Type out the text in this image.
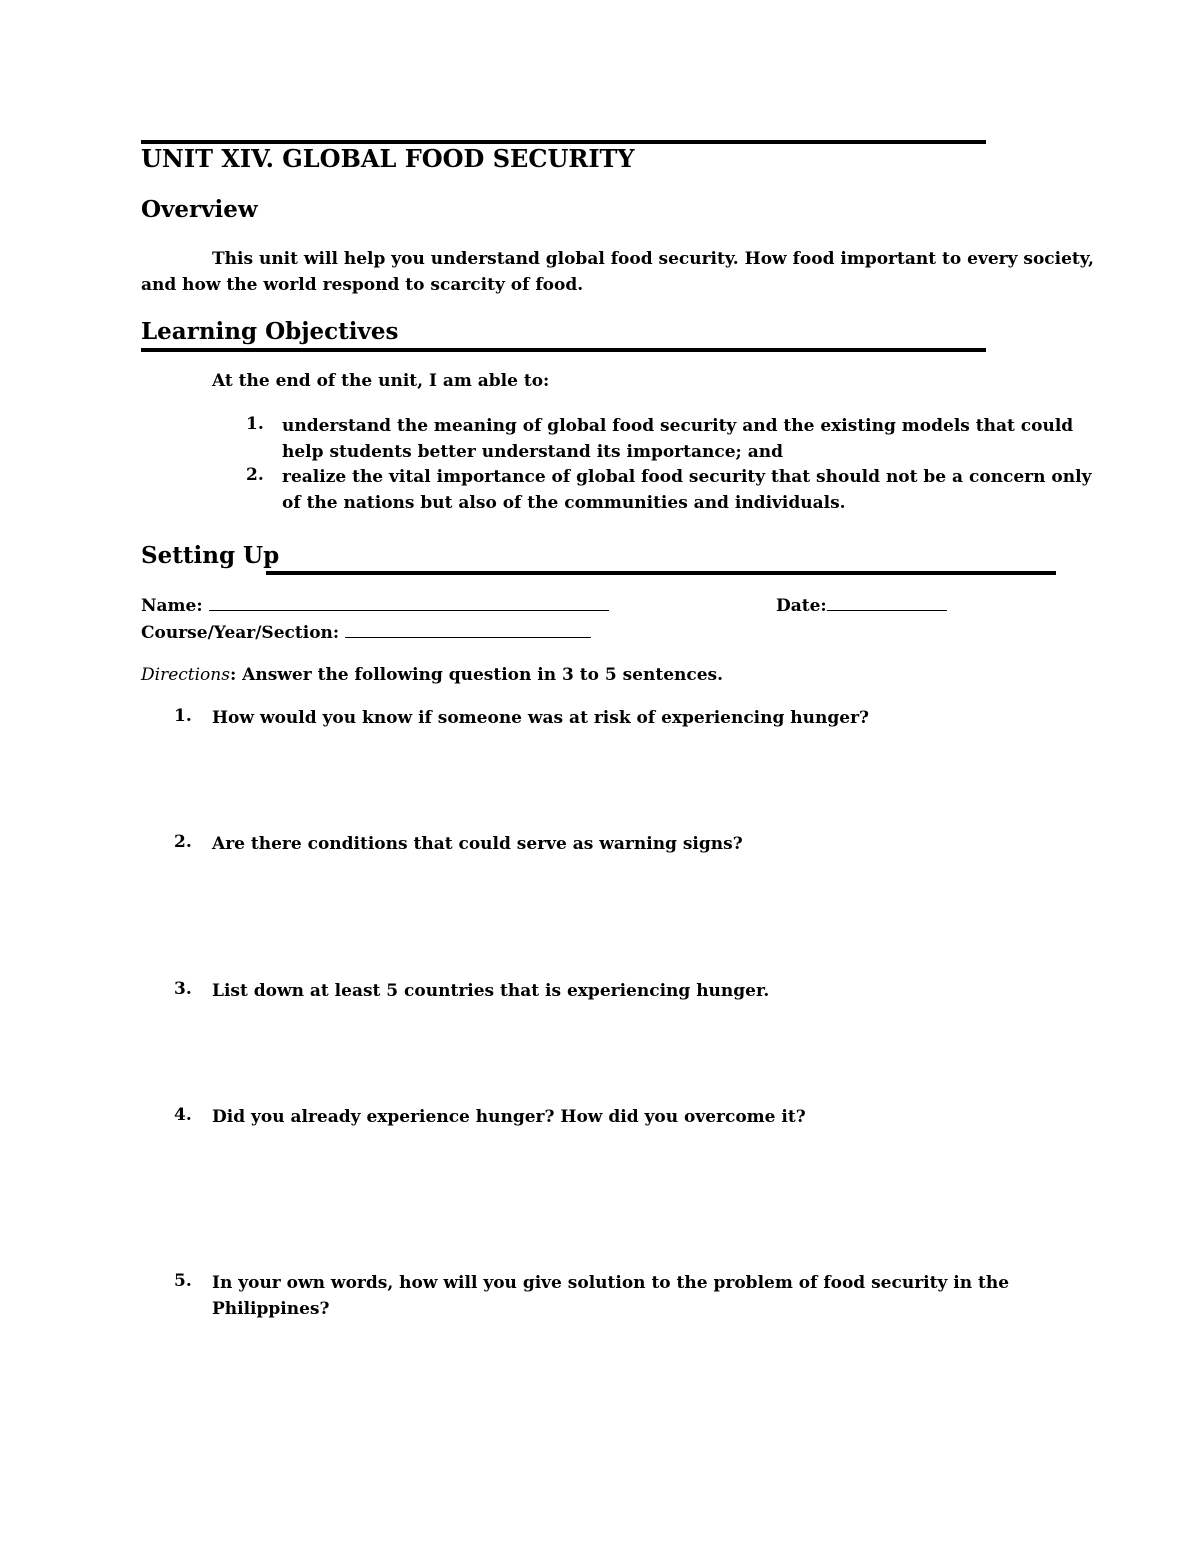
UNIT XIV. GLOBAL FOOD SECURITY
Overview
This unit will help you understand global food security. How food important to every society,
and how the world respond to scarcity of food.
Learning Objectives
At the end of the unit, I am able to:
1. understand the meaning of global food security and the existing models that could
help students better understand its importance; and
2. realize the vital importance of global food security that should not be a concern only
of the nations but also of the communities and individuals.
Setting Up
Name:	Date:
Course/Year/Section:
Directions: Answer the following question in 3 to 5 sentences.
1. How would you know if someone was at risk of experiencing hunger?
2. Are there conditions that could serve as warning signs?
3. List down at least 5 countries that is experiencing hunger.
4. Did you already experience hunger? How did you overcome it?
5. In your own words, how will you give solution to the problem of food security in the
Philippines?
